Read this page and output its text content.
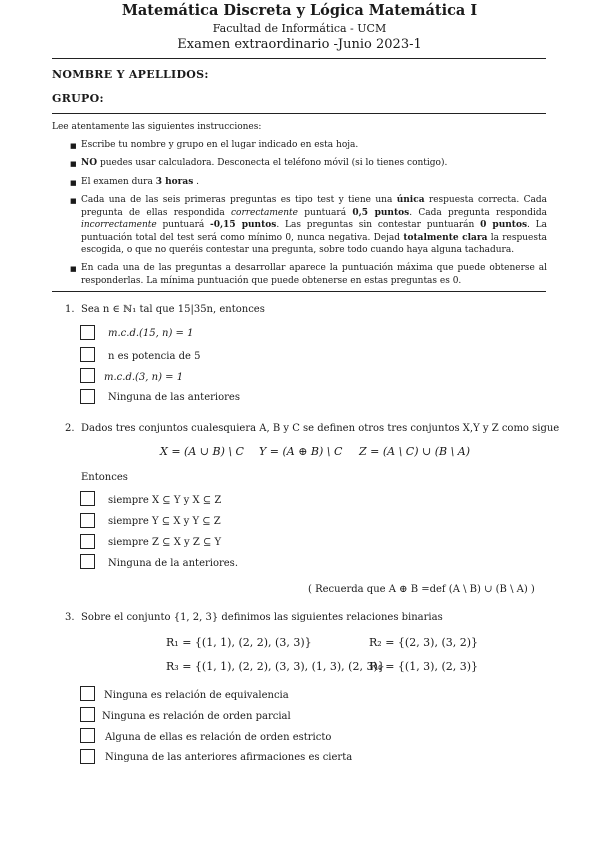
Matemática Discreta y Lógica Matemática I
Facultad de Informática - UCM
Examen extraordinario -Junio 2023-1
NOMBRE Y APELLIDOS:
GRUPO:
Lee atentamente las siguientes instrucciones:
■ Escribe tu nombre y grupo en el lugar indicado en esta hoja.
■ NO puedes usar calculadora. Desconecta el teléfono móvil (si lo tienes contigo).
■ El examen dura 3 horas .
■ Cada una de las seis primeras preguntas es tipo test y tiene una única respuesta correcta. Cada pregunta de ellas respondida correctamente puntuará 0,5 puntos. Cada pregunta respondida incorrectamente puntuará -0,15 puntos. Las preguntas sin contestar puntuarán 0 puntos. La puntuación total del test será como mínimo 0, nunca negativa. Dejad totalmente clara la respuesta escogida, o que no queréis contestar una pregunta, sobre todo cuando haya alguna tachadura.
■ En cada una de las preguntas a desarrollar aparece la puntuación máxima que puede obtenerse al responderlas. La mínima puntuación que puede obtenerse en estas preguntas es 0.
1. Sea n ∈ ℕ₁ tal que 15|35n, entonces
m.c.d.(15, n) = 1
n es potencia de 5
m.c.d.(3, n) = 1
Ninguna de las anteriores
2. Dados tres conjuntos cualesquiera A, B y C se definen otros tres conjuntos X,Y y Z como sigue
X = (A ∪ B) \ C Y = (A ⊕ B) \ C Z = (A \ C) ∪ (B \ A)
Entonces
siempre X ⊆ Y y X ⊆ Z
siempre Y ⊆ X y Y ⊆ Z
siempre Z ⊆ X y Z ⊆ Y
Ninguna de la anteriores.
( Recuerda que A ⊕ B =def (A \ B) ∪ (B \ A) )
3. Sobre el conjunto {1, 2, 3} definimos las siguientes relaciones binarias
R₁ = {(1, 1), (2, 2), (3, 3)}	R₂ = {(2, 3), (3, 2)}
R₃ = {(1, 1), (2, 2), (3, 3), (1, 3), (2, 3)}
R₄ = {(1, 3), (2, 3)}
Ninguna es relación de equivalencia
Ninguna es relación de orden parcial
Alguna de ellas es relación de orden estricto
Ninguna de las anteriores afirmaciones es cierta
